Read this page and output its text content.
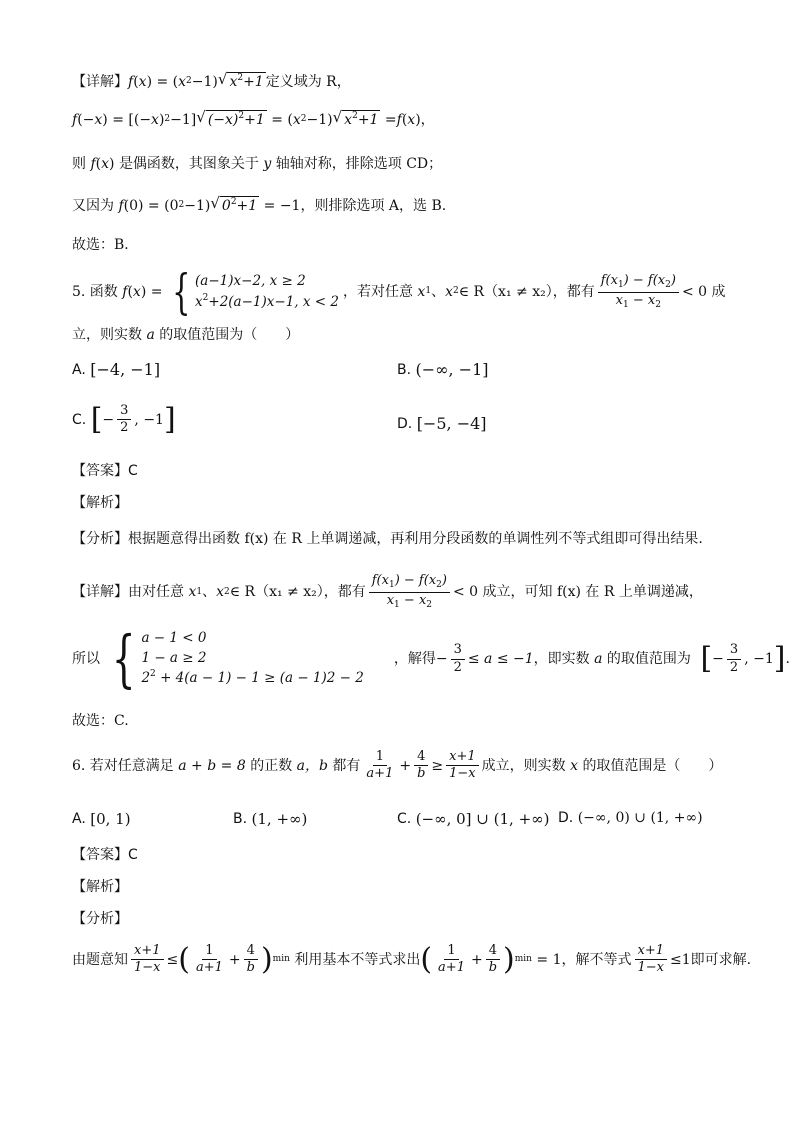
【详解】 f ( x ) = ( x 2 −1) √ $x^2+1$ 定义域为 R，
f (− x ) = [(− x ) 2 −1] √ $(-x)^2+1$ = ( x 2 −1) √ $x^2+1 = f$ ( x )，
则 f ( x ) 是偶函数，其图象关于 y 轴轴对称，排除选项 CD；
又因为 f (0) = (0 2 −1) √ $0^2+1 = -1$ ，则排除选项 A，选 B.
故选：B．
5. 函数 f ( x ) = { (a−1)x−2, x ≥ 2
$x^2+2(a-1)x-1$, x < 2
，若对任意 x 1 、 x 2 ∈ R （x₁ ≠ x₂），都有 $\frac{f(x_1) - f(x_2)}{x_1 - x_2} < 0$ 成
立，则实数 a 的取值范围为（　　）
A.
[−4, −1]	B.
(−∞, −1]
C.
[ − $\frac{3}{2}$ , −1 ]	D.
[−5, −4]
【答案】C
【解析】
【分析】根据题意得出函数 f(x) 在 R 上单调递减，再利用分段函数的单调性列不等式组即可得出结果.
【详解】由对任意 x 1 、 x 2 ∈ R （x₁ ≠ x₂），都有 $\frac{f(x_1) - f(x_2)}{x_1 - x_2} < 0$ 成立，可知 f(x) 在 R 上单调递减，
所以 { a − 1 < 0
1 − a ≥ 2
$2^2 + 4(a - 1) - 1 \ge (a - 1)2 - 2$
，解得 − $\frac{3}{2} \le a \le -1$ ，即实数 a 的取值范围为 [ − $\frac{3}{2}$ , −1 ] .
故选：C.
6. 若对任意满足 a + b = 8 的正数 a，b 都有 $\frac{1}{a+1} + \frac{4}{b} \ge \frac{x+1}{1-x}$ 成立，则实数 x 的取值范围是（　　）
A.
[0, 1)	B.
(1, +∞)	C.
(−∞, 0] ∪ (1, +∞) D.
(−∞, 0) ∪ (1, +∞)
【答案】C
【解析】
【分析】
由题意知 $\frac{x+1}{1-x}$ ≤ ( $\frac{1}{a+1} + \frac{4}{b}$ ) min
利用基本不等式求出 ( $\frac{1}{a+1} + \frac{4}{b}$ ) min
= 1，解不等式 $\frac{x+1}{1-x} \le 1$ 即可求解.
